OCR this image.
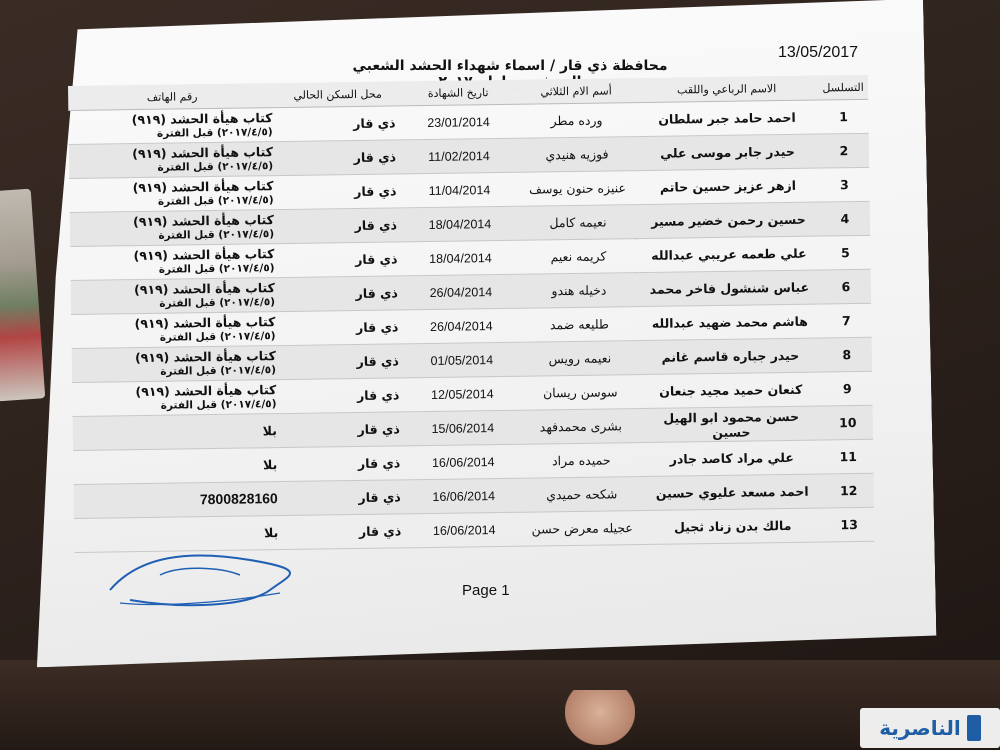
13/05/2017
محافظة ذي قار / اسماء شهداء الحشد الشعبي
التسلسل	الاسم الرباعي واللقب	أسم الام الثلاثي	تاريخ الشهادة	محل السكن الحالي	رقم الهاتف
1	احمد حامد جبر سلطان	ورده مطر	23/01/2014	ذي قار	كتاب هيأة الحشد (٩١٩)
(٢٠١٧/٤/٥) قبل الفترة

2	حيدر جابر موسى علي	فوزيه هنيدي	11/02/2014	ذي قار	كتاب هيأة الحشد (٩١٩)
(٢٠١٧/٤/٥) قبل الفترة

3	ازهر عزيز حسين حاتم	عنيزه حنون يوسف	11/04/2014	ذي قار	كتاب هيأة الحشد (٩١٩)
(٢٠١٧/٤/٥) قبل الفترة

4	حسين رحمن خضير مسير	نعيمه كامل	18/04/2014	ذي قار	كتاب هيأة الحشد (٩١٩)
(٢٠١٧/٤/٥) قبل الفترة

5	علي طعمه عريبي عبدالله	كريمه نعيم	18/04/2014	ذي قار	كتاب هيأة الحشد (٩١٩)
(٢٠١٧/٤/٥) قبل الفترة

6	عباس شنشول فاخر محمد	دخيله هندو	26/04/2014	ذي قار	كتاب هيأة الحشد (٩١٩)
(٢٠١٧/٤/٥) قبل الفترة

7	هاشم محمد ضهيد عبدالله	طليعه ضمد	26/04/2014	ذي قار	كتاب هيأة الحشد (٩١٩)
(٢٠١٧/٤/٥) قبل الفترة

8	حيدر جباره قاسم غانم	نعيمه رويس	01/05/2014	ذي قار	كتاب هيأة الحشد (٩١٩)
(٢٠١٧/٤/٥) قبل الفترة

9	كنعان حميد مجيد جنعان	سوسن ريسان	12/05/2014	ذي قار	كتاب هيأة الحشد (٩١٩)
(٢٠١٧/٤/٥) قبل الفترة

10	حسن محمود ابو الهيل حسين	بشرى محمدفهد	15/06/2014	ذي قار	بلا
11	علي مراد كاصد جادر	حميده مراد	16/06/2014	ذي قار	بلا
12	احمد مسعد عليوي حسين	شكحه حميدي	16/06/2014	ذي قار	7800828160
13	مالك بدن زناد ثجيل	عجيله معرض حسن	16/06/2014	ذي قار	بلا
Page 1
الناصرية
